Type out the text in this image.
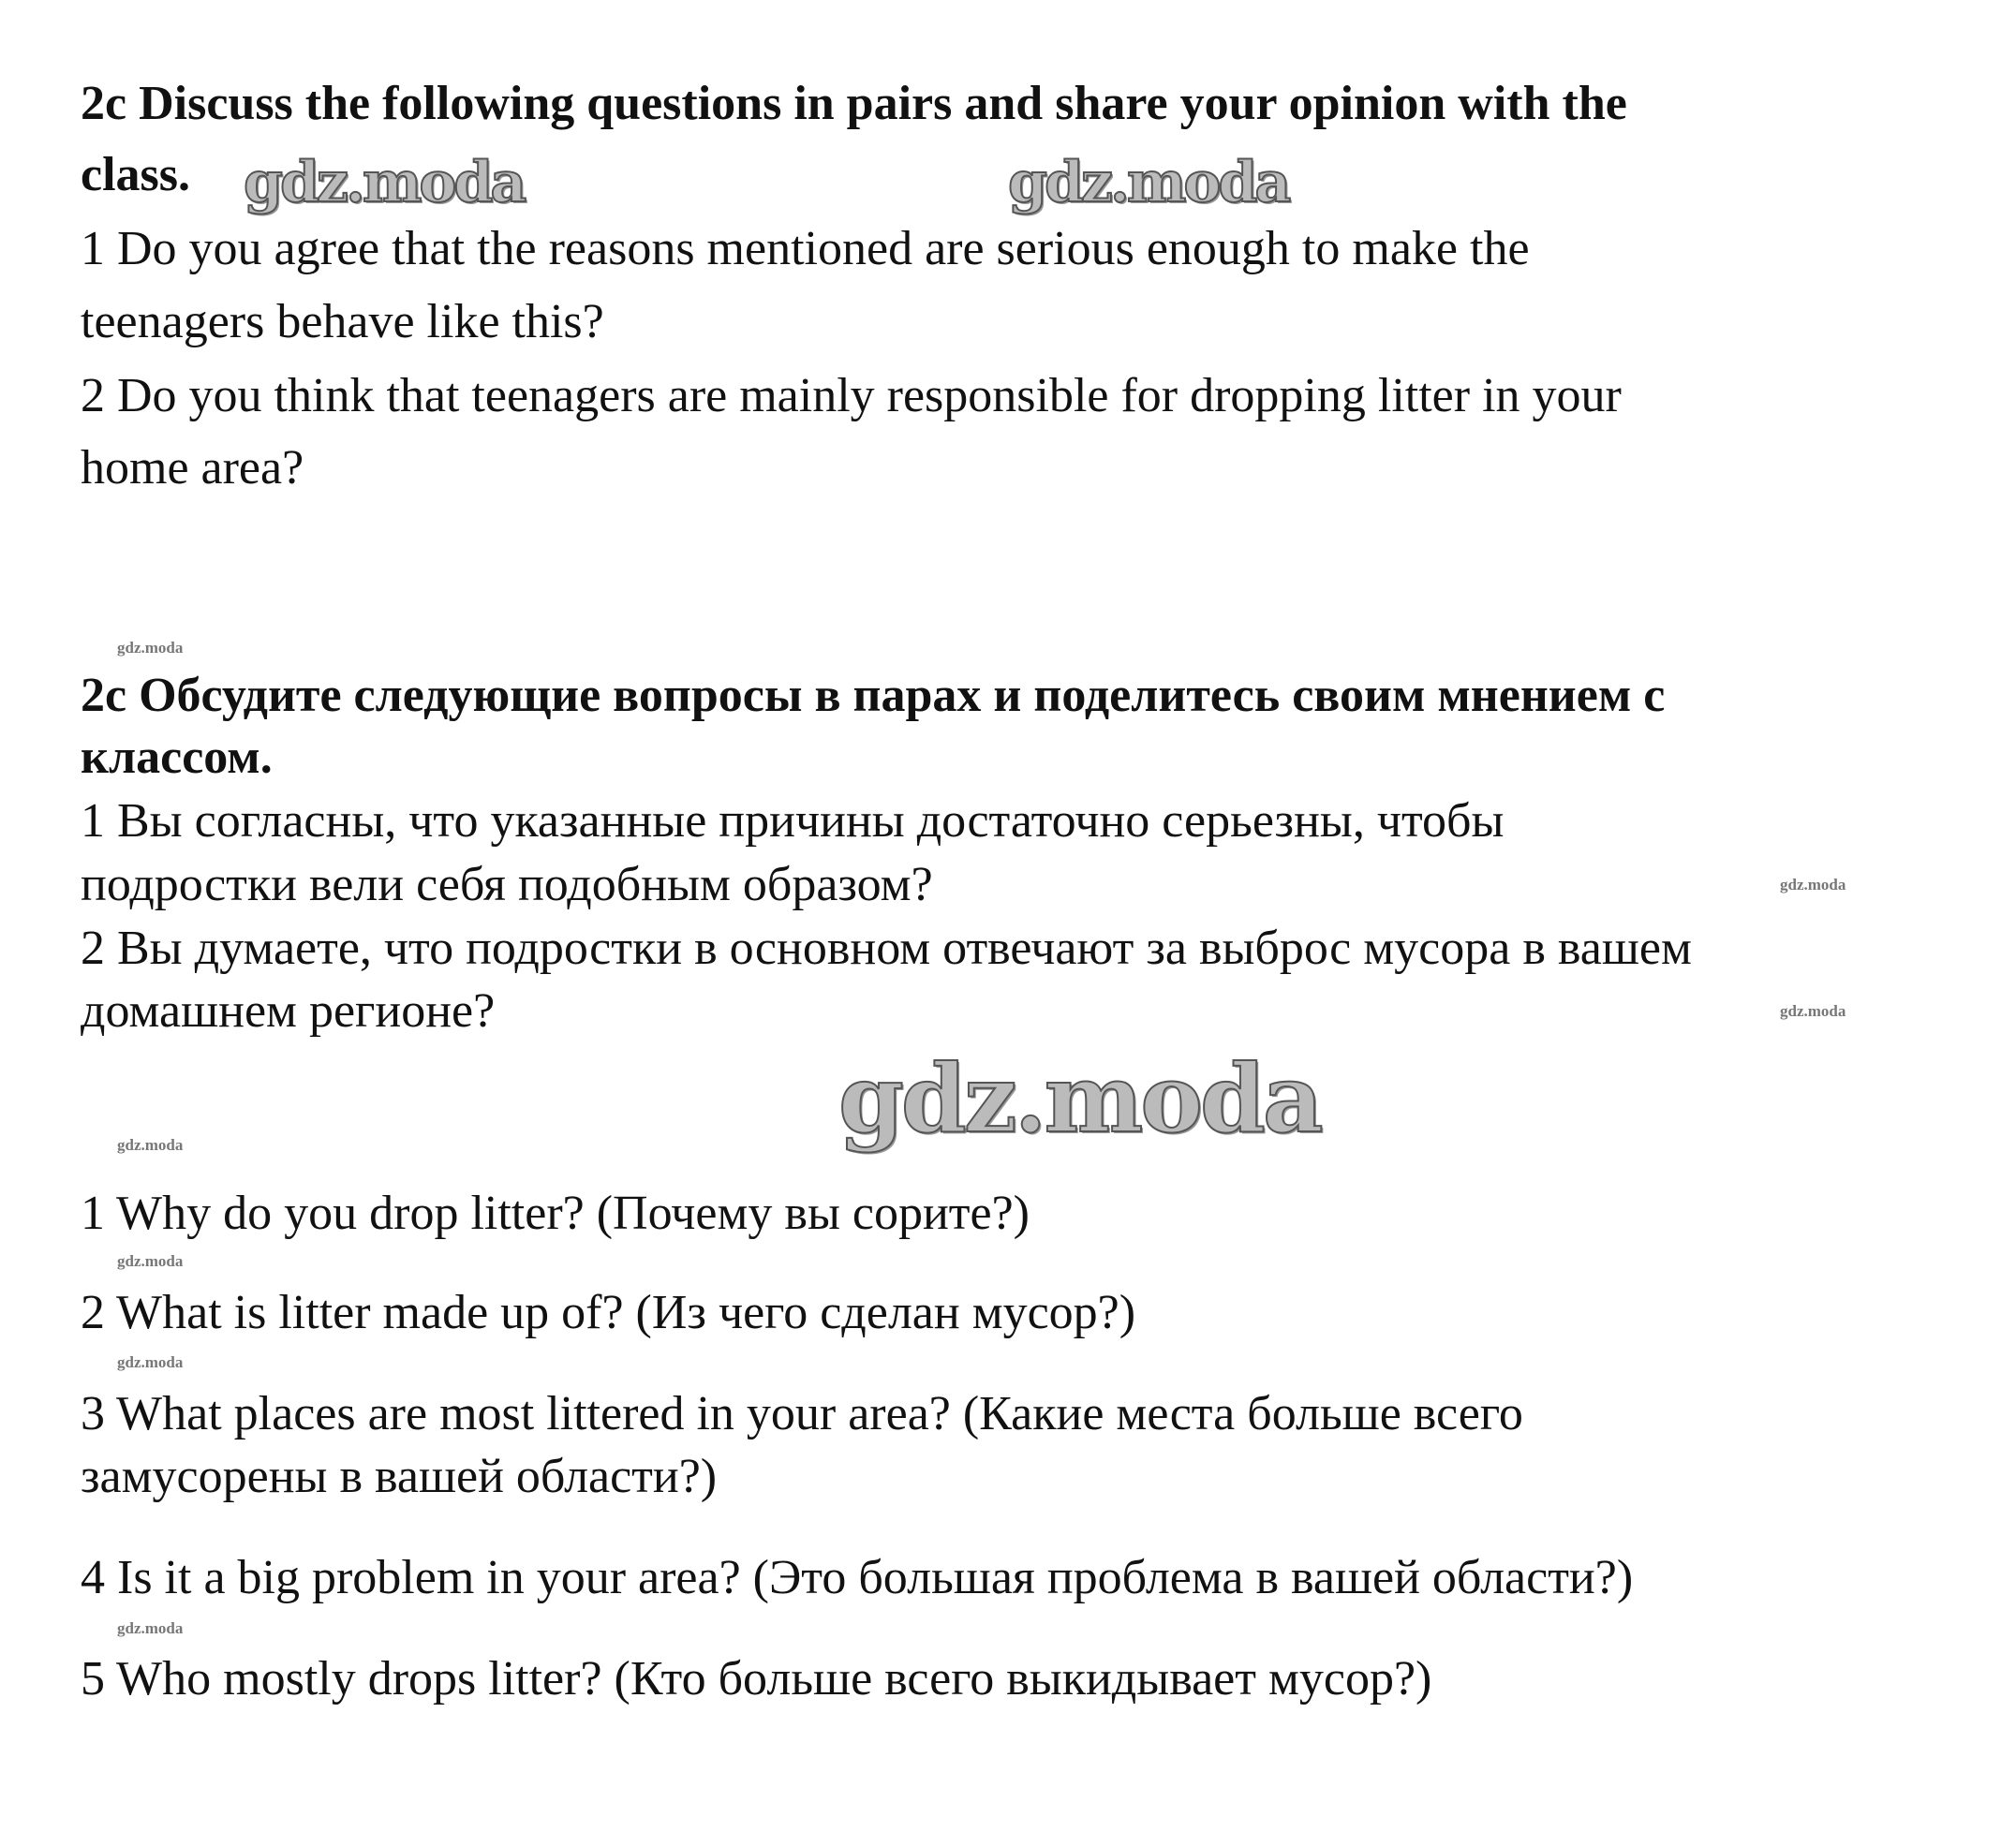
2c Discuss the following questions in pairs and share your opinion with the
class.
1 Do you agree that the reasons mentioned are serious enough to make the
teenagers behave like this?
2 Do you think that teenagers are mainly responsible for dropping litter in your
home area?
2c Обсудите следующие вопросы в парах и поделитесь своим мнением с
классом.
1 Вы согласны, что указанные причины достаточно серьезны, чтобы
подростки вели себя подобным образом?
2 Вы думаете, что подростки в основном отвечают за выброс мусора в вашем
домашнем регионе?
1 Why do you drop litter? (Почему вы сорите?)
2 What is litter made up of? (Из чего сделан мусор?)
3 What places are most littered in your area? (Какие места больше всего
замусорены в вашей области?)
4 Is it a big problem in your area? (Это большая проблема в вашей области?)
5 Who mostly drops litter? (Кто больше всего выкидывает мусор?)
gdz.moda	gdz.moda
gdz.moda
gdz.moda
gdz.moda
gdz.moda
gdz.moda
gdz.moda
gdz.moda
gdz.moda
